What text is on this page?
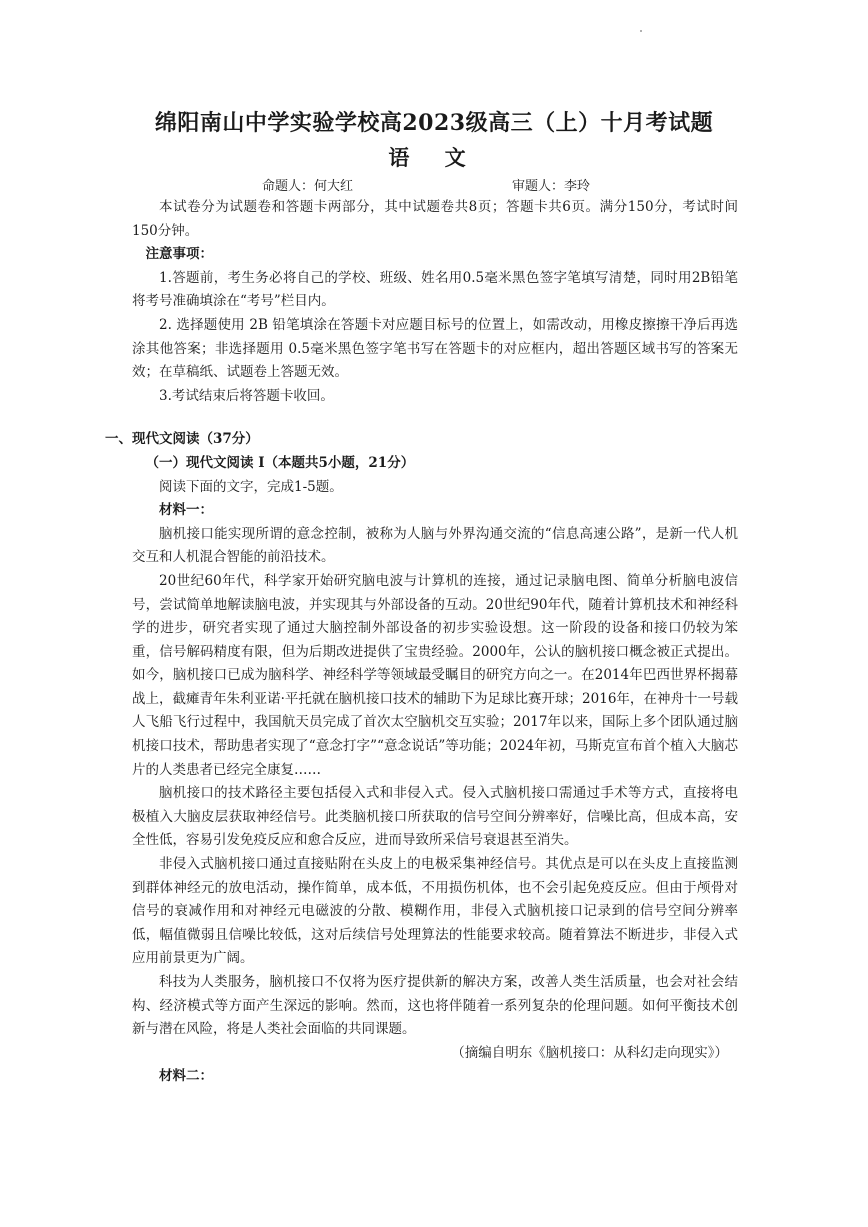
绵阳南山中学实验学校高2023级高三（上）十月考试题
语 文
命题人：何大红	审题人：李玲

本试卷分为试题卷和答题卡两部分，其中试题卷共8页；答题卡共6页。满分150分，考试时间150分钟。

注意事项：

1.答题前，考生务必将自己的学校、班级、姓名用0.5毫米黑色签字笔填写清楚，同时用2B铅笔将考号准确填涂在“考号”栏目内。

2. 选择题使用 2B 铅笔填涂在答题卡对应题目标号的位置上，如需改动，用橡皮擦擦干净后再选涂其他答案；非选择题用 0.5毫米黑色签字笔书写在答题卡的对应框内，超出答题区域书写的答案无效；在草稿纸、试题卷上答题无效。

3.考试结束后将答题卡收回。

一、现代文阅读（37分）

（一）现代文阅读 I（本题共5小题，21分）

阅读下面的文字，完成1-5题。

材料一：

脑机接口能实现所谓的意念控制，被称为人脑与外界沟通交流的“信息高速公路”，是新一代人机交互和人机混合智能的前沿技术。

20世纪60年代，科学家开始研究脑电波与计算机的连接，通过记录脑电图、简单分析脑电波信号，尝试简单地解读脑电波，并实现其与外部设备的互动。20世纪90年代，随着计算机技术和神经科学的进步，研究者实现了通过大脑控制外部设备的初步实验设想。这一阶段的设备和接口仍较为笨重，信号解码精度有限，但为后期改进提供了宝贵经验。2000年，公认的脑机接口概念被正式提出。如今，脑机接口已成为脑科学、神经科学等领域最受瞩目的研究方向之一。在2014年巴西世界杯揭幕战上，截瘫青年朱利亚诺·平托就在脑机接口技术的辅助下为足球比赛开球；2016年，在神舟十一号载人飞船飞行过程中，我国航天员完成了首次太空脑机交互实验；2017年以来，国际上多个团队通过脑机接口技术，帮助患者实现了“意念打字”“意念说话”等功能；2024年初，马斯克宣布首个植入大脑芯片的人类患者已经完全康复……

脑机接口的技术路径主要包括侵入式和非侵入式。侵入式脑机接口需通过手术等方式，直接将电极植入大脑皮层获取神经信号。此类脑机接口所获取的信号空间分辨率好，信噪比高，但成本高，安全性低，容易引发免疫反应和愈合反应，进而导致所采信号衰退甚至消失。

非侵入式脑机接口通过直接贴附在头皮上的电极采集神经信号。其优点是可以在头皮上直接监测到群体神经元的放电活动，操作简单，成本低，不用损伤机体，也不会引起免疫反应。但由于颅骨对信号的衰减作用和对神经元电磁波的分散、模糊作用，非侵入式脑机接口记录到的信号空间分辨率低，幅值微弱且信噪比较低，这对后续信号处理算法的性能要求较高。随着算法不断进步，非侵入式应用前景更为广阔。

科技为人类服务，脑机接口不仅将为医疗提供新的解决方案，改善人类生活质量，也会对社会结构、经济模式等方面产生深远的影响。然而，这也将伴随着一系列复杂的伦理问题。如何平衡技术创新与潜在风险，将是人类社会面临的共同课题。

（摘编自明东《脑机接口：从科幻走向现实》）

材料二：
